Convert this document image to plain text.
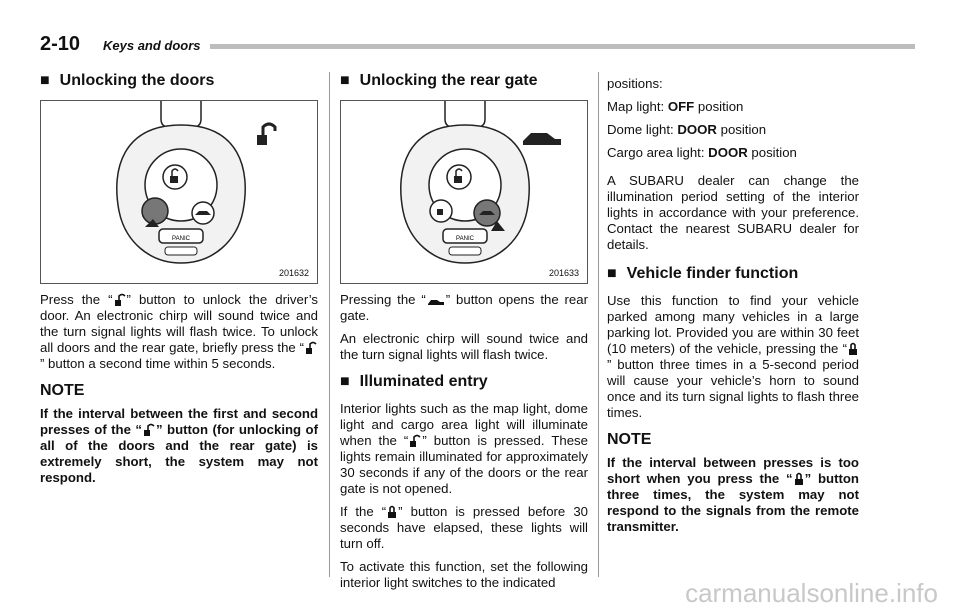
2-10 Keys and doors
■ Unlocking the doors
PANIC
201632

Press the “ ” button to unlock the driver’s door. An electronic chirp will sound twice and the turn signal lights will flash twice. To unlock all doors and the rear gate, briefly press the “” button a second time within 5 seconds.

NOTE

If the interval between the first and second presses of the “ ” button (for unlocking of all of the doors and the rear gate) is extremely short, the system may not respond.

■ Unlocking the rear gate
PANIC
201633

Pressing the “ ” button opens the rear gate.

An electronic chirp will sound twice and the turn signal lights will flash twice.

■ Illuminated entry

Interior lights such as the map light, dome light and cargo area light will illuminate when the “ ” button is pressed. These lights remain illuminated for approximately 30 seconds if any of the doors or the rear gate is not opened.

If the “ ” button is pressed before 30 seconds have elapsed, these lights will turn off.

To activate this function, set the following interior light switches to the indicated

positions:

Map light: OFF position

Dome light: DOOR position

Cargo area light: DOOR position

A SUBARU dealer can change the illumination period setting of the interior lights in accordance with your preference. Contact the nearest SUBARU dealer for details.

■ Vehicle finder function

Use this function to find your vehicle parked among many vehicles in a large parking lot. Provided you are within 30 feet (10 meters) of the vehicle, pressing the “” button three times in a 5-second period will cause your vehicle’s horn to sound once and its turn signal lights to flash three times.

NOTE

If the interval between presses is too short when you press the “ ” button three times, the system may not respond to the signals from the remote transmitter.

carmanualsonline.info
